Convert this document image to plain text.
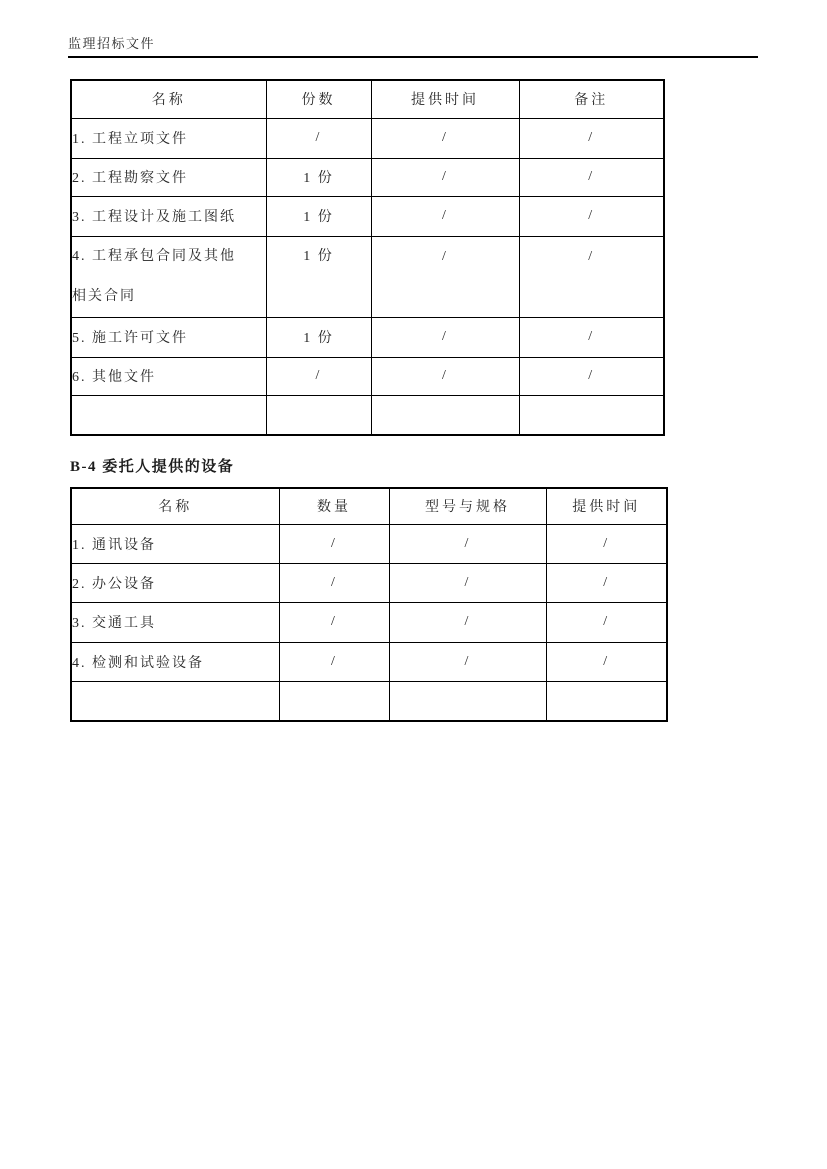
监理招标文件
名称	份数	提供时间	备注
1. 工程立项文件	/	/	/
2. 工程勘察文件	1 份	/	/
3. 工程设计及施工图纸	1 份	/	/

4. 工程承包合同及其他
相关合同	1 份	/	/
5. 施工许可文件	1 份	/	/
6. 其他文件	/	/	/

B-4 委托人提供的设备
名称	数量	型号与规格	提供时间
1. 通讯设备	/	/	/
2. 办公设备	/	/	/
3. 交通工具	/	/	/
4. 检测和试验设备	/	/	/
